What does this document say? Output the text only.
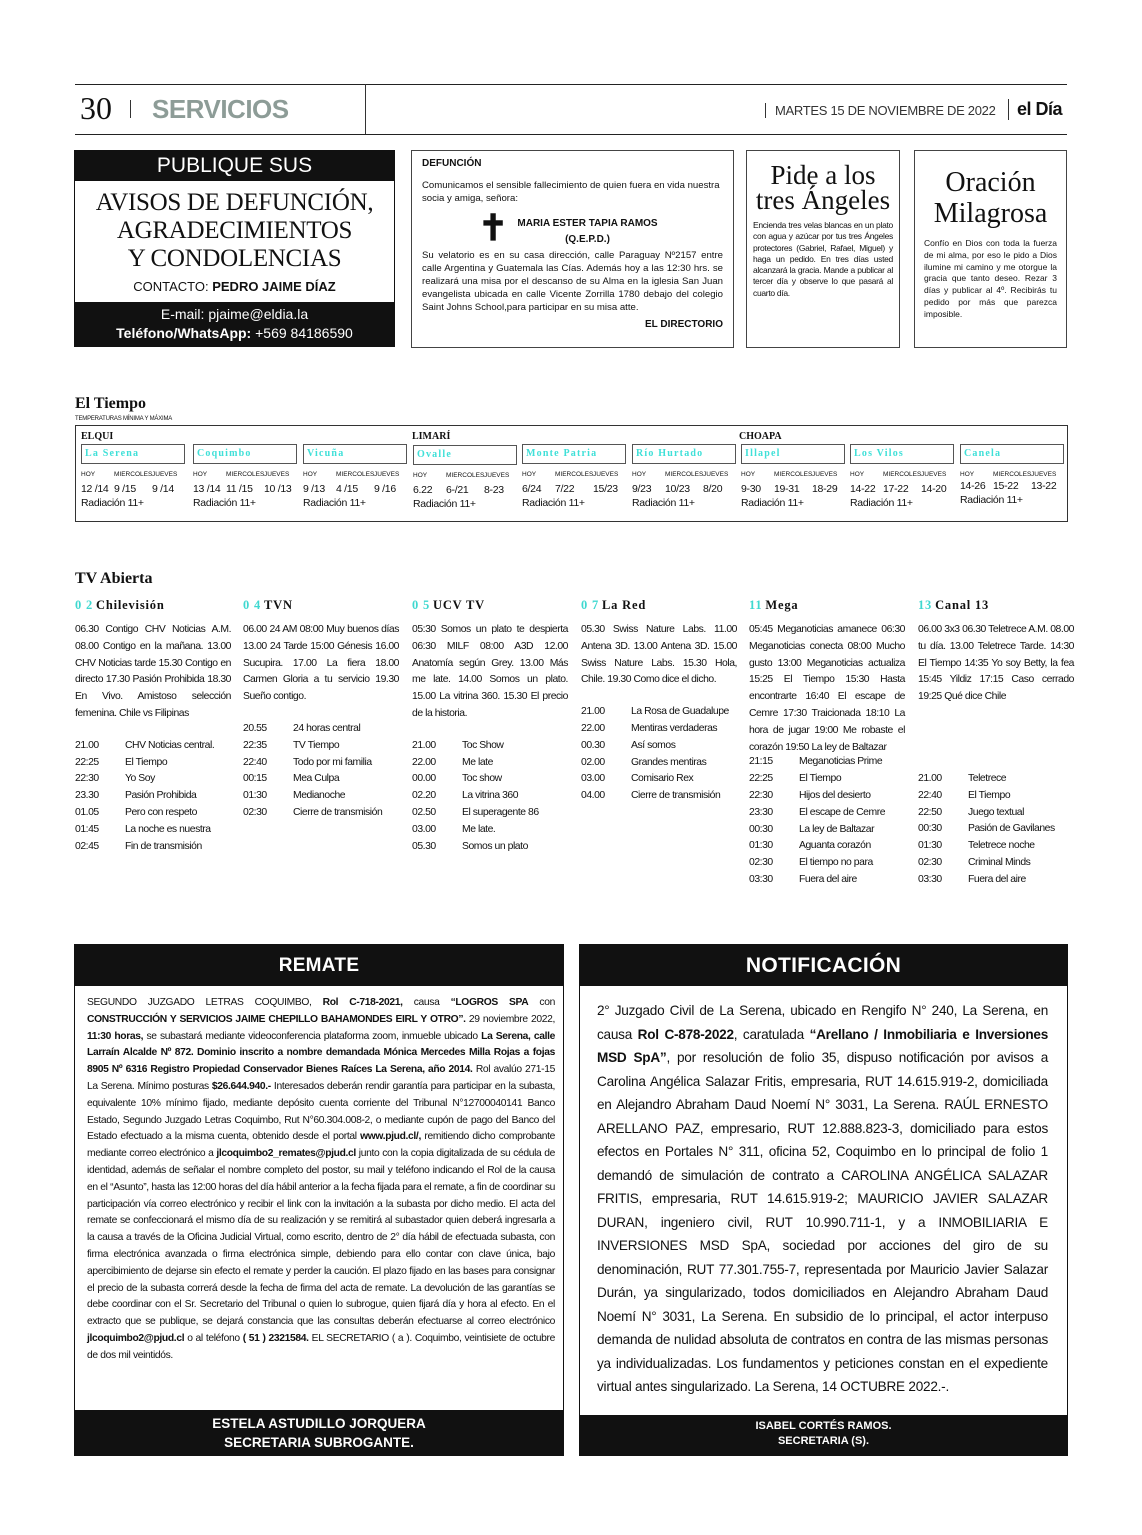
30 SERVICIOS	MARTES 15 DE NOVIEMBRE DE 2022	el Día
PUBLIQUE SUS
AVISOS DE DEFUNCIÓN,
AGRADECIMIENTOS
Y CONDOLENCIAS
CONTACTO: PEDRO JAIME DÍAZ
E-mail: pjaime@eldia.la
Teléfono/WhatsApp: +569 84186590
DEFUNCIÓN
Comunicamos el sensible fallecimiento de quien fuera en vida nuestra socia y amiga, señora:
✝ MARIA ESTER TAPIA RAMOS
(Q.E.P.D.)
Su velatorio es en su casa dirección, calle Paraguay Nº2157 entre calle Argentina y Guatemala las Cías. Además hoy a las 12:30 hrs. se realizará una misa por el descanso de su Alma en la iglesia San Juan evangelista ubicada en calle Vicente Zorrilla 1780 debajo del colegio Saint Johns School,para participar en su misa atte.
EL DIRECTORIO
Pide a los tres Ángeles

Encienda tres velas blancas en un plato con agua y azúcar por tus tres Ángeles protectores (Gabriel, Rafael, Miguel) y haga un pedido. En tres días usted alcanzará la gracia. Mande a publicar al tercer día y observe lo que pasará al cuarto día.

Oración Milagrosa

Confío en Dios con toda la fuerza de mi alma, por eso le pido a Dios ilumine mi camino y me otorgue la gracia que tanto deseo. Rezar 3 días y publicar al 4º. Recibirás tu pedido por más que parezca imposible.

El Tiempo
TEMPERATURAS MÍNIMA Y MÁXIMA
ELQUI	LIMARÍ	CHOAPA
La Serena
HOY	MIERCOLES JUEVES
12 /14 9 /15	9 /14
Radiación 11+
Coquimbo
HOY	MIERCOLES JUEVES
13 /14 11 /15	10 /13
Radiación 11+
Vicuña
HOY	MIERCOLES JUEVES
9 /13	4 /15	9 /16
Radiación 11+
Ovalle
HOY	MIERCOLES JUEVES
6.22	6-/21	8-23
Radiación 11+
Monte Patria
HOY	MIERCOLES JUEVES
6/24	7/22	15/23
Radiación 11+
Río Hurtado
HOY	MIERCOLES JUEVES
9/23	10/23	8/20
Radiación 11+
Illapel
HOY	MIERCOLES JUEVES
9-30	19-31	18-29
Radiación 11+
Los Vilos
HOY	MIERCOLES JUEVES
14-22 17-22	14-20
Radiación 11+
Canela
HOY	MIERCOLES JUEVES
14-26 15-22	13-22
Radiación 11+
TV Abierta
0 2 Chilevisión
06.30 Contigo CHV Noticias A.M. 08.00 Contigo en la mañana. 13.00 CHV Noticias tarde 15.30 Contigo en directo 17.30 Pasión Prohibida 18.30 En Vivo. Amistoso selección femenina. Chile vs Filipinas
21.00	CHV Noticias central.
22:25	El Tiempo
22:30	Yo Soy
23.30	Pasión Prohibida
01.05	Pero con respeto
01:45	La noche es nuestra
02:45	Fin de transmisión
0 4 TVN
06.00 24 AM 08:00 Muy buenos días 13.00 24 Tarde 15:00 Génesis 16.00 Sucupira. 17.00 La fiera 18.00 Carmen Gloria a tu servicio 19.30 Sueño contigo.
20.55	24 horas central
22:35	TV Tiempo
22:40	Todo por mi familia
00:15	Mea Culpa
01:30	Medianoche
02:30	Cierre de transmisión
0 5 UCV TV
05:30 Somos un plato te despierta 06:30 MILF 08:00 A3D 12.00 Anatomía según Grey. 13.00 Más me late. 14.00 Somos un plato. 15.00 La vitrina 360. 15.30 El precio de la historia.
21.00	Toc Show
22.00	Me late
00.00	Toc show
02.20	La vitrina 360
02.50	El superagente 86
03.00	Me late.
05.30	Somos un plato
0 7 La Red
05.30 Swiss Nature Labs. 11.00 Antena 3D. 13.00 Antena 3D. 15.00 Swiss Nature Labs. 15.30 Hola, Chile. 19.30 Como dice el dicho.
21.00	La Rosa de Guadalupe
22.00	Mentiras verdaderas
00.30	Así somos
02.00	Grandes mentiras
03.00	Comisario Rex
04.00	Cierre de transmisión
11 Mega
05:45 Meganoticias amanece 06:30 Meganoticias conecta 08:00 Mucho gusto 13:00 Meganoticias actualiza 15:25 El Tiempo 15:30 Hasta encontrarte 16:40 El escape de Cemre 17:30 Traicionada 18:10 La hora de jugar 19:00 Me robaste el corazón 19:50 La ley de Baltazar
21:15	Meganoticias Prime
22:25	El Tiempo
22:30	Hijos del desierto
23:30	El escape de Cemre
00:30	La ley de Baltazar
01:30	Aguanta corazón
02:30	El tiempo no para
03:30	Fuera del aire
13 Canal 13
06.00 3x3 06.30 Teletrece A.M. 08.00 tu día. 13.00 Teletrece Tarde. 14:30 El Tiempo 14:35 Yo soy Betty, la fea 15:45 Yildiz 17:15 Caso cerrado 19:25 Qué dice Chile
21.00	Teletrece
22:40	El Tiempo
22:50	Juego textual
00:30	Pasión de Gavilanes
01:30	Teletrece noche
02:30	Criminal Minds
03:30	Fuera del aire
REMATE
SEGUNDO JUZGADO LETRAS COQUIMBO, Rol C-718-2021, causa “LOGROS SPA con CONSTRUCCIÓN Y SERVICIOS JAIME CHEPILLO BAHAMONDES EIRL Y OTRO”. 29 noviembre 2022, 11:30 horas, se subastará mediante videoconferencia plataforma zoom, inmueble ubicado La Serena, calle Larraín Alcalde Nº 872. Dominio inscrito a nombre demandada Mónica Mercedes Milla Rojas a fojas 8905 Nº 6316 Registro Propiedad Conservador Bienes Raíces La Serena, año 2014. Rol avalúo 271-15 La Serena. Mínimo posturas $26.644.940.- Interesados deberán rendir garantía para participar en la subasta, equivalente 10% mínimo fijado, mediante depósito cuenta corriente del Tribunal N°12700040141 Banco Estado, Segundo Juzgado Letras Coquimbo, Rut N°60.304.008-2, o mediante cupón de pago del Banco del Estado efectuado a la misma cuenta, obtenido desde el portal www.pjud.cl/, remitiendo dicho comprobante mediante correo electrónico a jlcoquimbo2_remates@pjud.cl junto con la copia digitalizada de su cédula de identidad, además de señalar el nombre completo del postor, su mail y teléfono indicando el Rol de la causa en el “Asunto”, hasta las 12:00 horas del día hábil anterior a la fecha fijada para el remate, a fin de coordinar su participación vía correo electrónico y recibir el link con la invitación a la subasta por dicho medio. El acta del remate se confeccionará el mismo día de su realización y se remitirá al subastador quien deberá ingresarla a la causa a través de la Oficina Judicial Virtual, como escrito, dentro de 2° día hábil de efectuada subasta, con firma electrónica avanzada o firma electrónica simple, debiendo para ello contar con clave única, bajo apercibimiento de dejarse sin efecto el remate y perder la caución. El plazo fijado en las bases para consignar el precio de la subasta correrá desde la fecha de firma del acta de remate. La devolución de las garantías se debe coordinar con el Sr. Secretario del Tribunal o quien lo subrogue, quien fijará día y hora al efecto. En el extracto que se publique, se dejará constancia que las consultas deberán efectuarse al correo electrónico jlcoquimbo2@pjud.cl o al teléfono ( 51 ) 2321584. EL SECRETARIO ( a ). Coquimbo, veintisiete de octubre de dos mil veintidós.
ESTELA ASTUDILLO JORQUERA
SECRETARIA SUBROGANTE.
NOTIFICACIÓN
2° Juzgado Civil de La Serena, ubicado en Rengifo N° 240, La Serena, en causa Rol C-878-2022, caratulada “Arellano / Inmobiliaria e Inversiones MSD SpA”, por resolución de folio 35, dispuso notificación por avisos a Carolina Angélica Salazar Fritis, empresaria, RUT 14.615.919-2, domiciliada en Alejandro Abraham Daud Noemí N° 3031, La Serena. RAÚL ERNESTO ARELLANO PAZ, empresario, RUT 12.888.823-3, domiciliado para estos efectos en Portales N° 311, oficina 52, Coquimbo en lo principal de folio 1 demandó de simulación de contrato a CAROLINA ANGÉLICA SALAZAR FRITIS, empresaria, RUT 14.615.919-2; MAURICIO JAVIER SALAZAR DURAN, ingeniero civil, RUT 10.990.711-1, y a INMOBILIARIA E INVERSIONES MSD SpA, sociedad por acciones del giro de su denominación, RUT 77.301.755-7, representada por Mauricio Javier Salazar Durán, ya singularizado, todos domiciliados en Alejandro Abraham Daud Noemí N° 3031, La Serena. En subsidio de lo principal, el actor interpuso demanda de nulidad absoluta de contratos en contra de las mismas personas ya individualizadas. Los fundamentos y peticiones constan en el expediente virtual antes singularizado. La Serena, 14 OCTUBRE 2022.-.
ISABEL CORTÉS RAMOS.
SECRETARIA (S).
